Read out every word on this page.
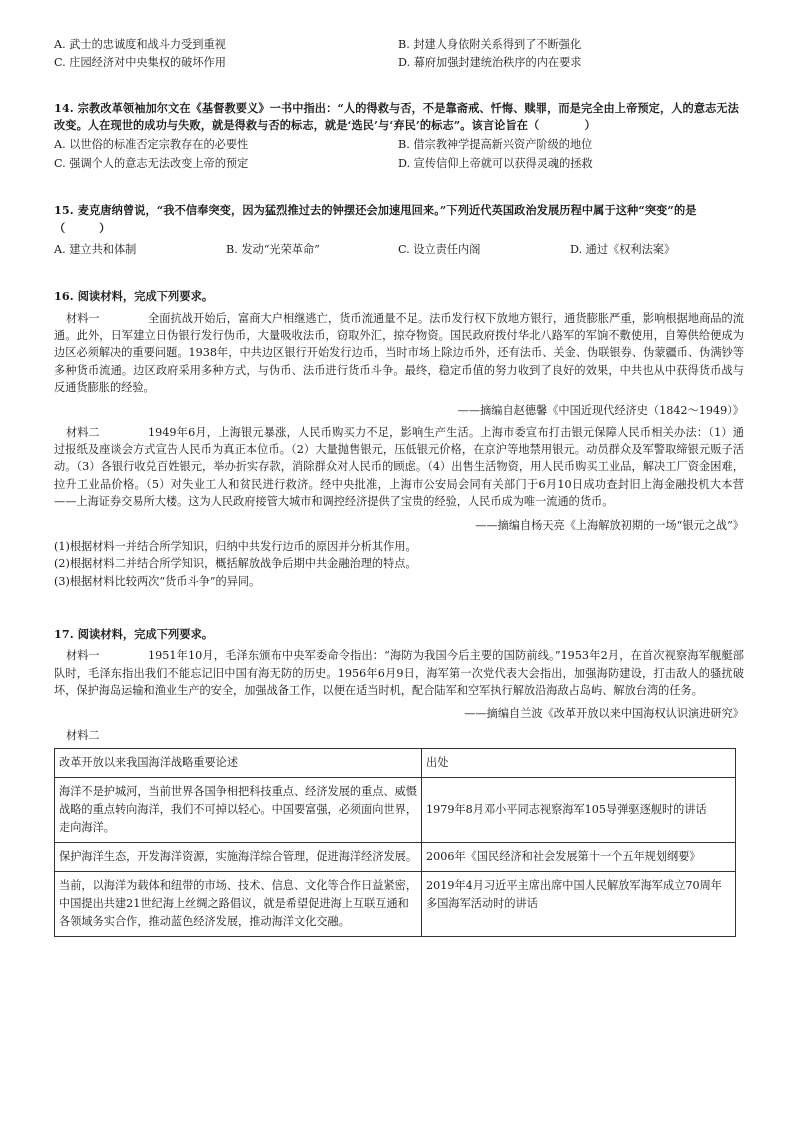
A. 武士的忠诚度和战斗力受到重视	B. 封建人身依附关系得到了不断强化
C. 庄园经济对中央集权的破坏作用	D. 幕府加强封建统治秩序的内在要求

14. 宗教改革领袖加尔文在《基督教要义》一书中指出：“人的得救与否，不是靠斋戒、忏悔、赎罪，而是完全由上帝预定，人的意志无法改变。人在现世的成功与失败，就是得救与否的标志，就是‘选民’与‘弃民’的标志”。该言论旨在（　　　　）

A. 以世俗的标准否定宗教存在的必要性	B. 借宗教神学提高新兴资产阶级的地位
C. 强调个人的意志无法改变上帝的预定	D. 宣传信仰上帝就可以获得灵魂的拯救

15. 麦克唐纳曾说，“我不信奉突变，因为猛烈推过去的钟摆还会加速甩回来。”下列近代英国政治发展历程中属于这种“突变”的是（　　　）

A. 建立共和体制	B. 发动“光荣革命”	C. 设立责任内阁	D. 通过《权利法案》

16. 阅读材料，完成下列要求。

材料一	全面抗战开始后，富商大户相继逃亡，货币流通量不足。法币发行权下放地方银行，通货膨胀严重，影响根据地商品的流通。此外，日军建立日伪银行发行伪币，大量吸收法币，窃取外汇，掠夺物资。国民政府拨付华北八路军的军饷不敷使用，自筹供给便成为边区必须解决的重要问题。1938年，中共边区银行开始发行边币，当时市场上除边币外，还有法币、关金、伪联银券、伪蒙疆币、伪满钞等多种货币流通。边区政府采用多种方式，与伪币、法币进行货币斗争。最终，稳定币值的努力收到了良好的效果，中共也从中获得货币战与反通货膨胀的经验。

——摘编自赵德馨《中国近现代经济史（1842～1949）》

材料二	1949年6月，上海银元暴涨，人民币购买力不足，影响生产生活。上海市委宣布打击银元保障人民币相关办法：（1）通过报纸及座谈会方式宣告人民币为真正本位币。（2）大量抛售银元，压低银元价格，在京沪等地禁用银元。动员群众及军警取缔银元贩子活动。（3）各银行收兑百姓银元，举办折实存款，消除群众对人民币的顾虑。（4）出售生活物资，用人民币购买工业品，解决工厂资金困难，拉升工业品价格。（5）对失业工人和贫民进行救济。经中央批准，上海市公安局会同有关部门于6月10日成功查封旧上海金融投机大本营——上海证券交易所大楼。这为人民政府接管大城市和调控经济提供了宝贵的经验，人民币成为唯一流通的货币。

——摘编自杨天亮《上海解放初期的一场“银元之战”》

(1)根据材料一并结合所学知识，归纳中共发行边币的原因并分析其作用。

(2)根据材料二并结合所学知识，概括解放战争后期中共金融治理的特点。

(3)根据材料比较两次“货币斗争”的异同。

17. 阅读材料，完成下列要求。

材料一	1951年10月，毛泽东颁布中央军委命令指出：“海防为我国今后主要的国防前线。”1953年2月，在首次视察海军舰艇部队时，毛泽东指出我们不能忘记旧中国有海无防的历史。1956年6月9日，海军第一次党代表大会指出，加强海防建设，打击敌人的骚扰破坏，保护海岛运输和渔业生产的安全，加强战备工作，以便在适当时机，配合陆军和空军执行解放沿海敌占岛屿、解放台湾的任务。

——摘编自兰波《改革开放以来中国海权认识演进研究》

材料二

改革开放以来我国海洋战略重要论述	出处
海洋不是护城河，当前世界各国争相把科技重点、经济发展的重点、威慑战略的重点转向海洋，我们不可掉以轻心。中国要富强，必须面向世界，走向海洋。	1979年8月邓小平同志视察海军105导弹驱逐舰时的讲话
保护海洋生态，开发海洋资源，实施海洋综合管理，促进海洋经济发展。	2006年《国民经济和社会发展第十一个五年规划纲要》
当前，以海洋为载体和纽带的市场、技术、信息、文化等合作日益紧密，中国提出共建21世纪海上丝绸之路倡议，就是希望促进海上互联互通和各领域务实合作，推动蓝色经济发展，推动海洋文化交融。	2019年4月习近平主席出席中国人民解放军海军成立70周年多国海军活动时的讲话
